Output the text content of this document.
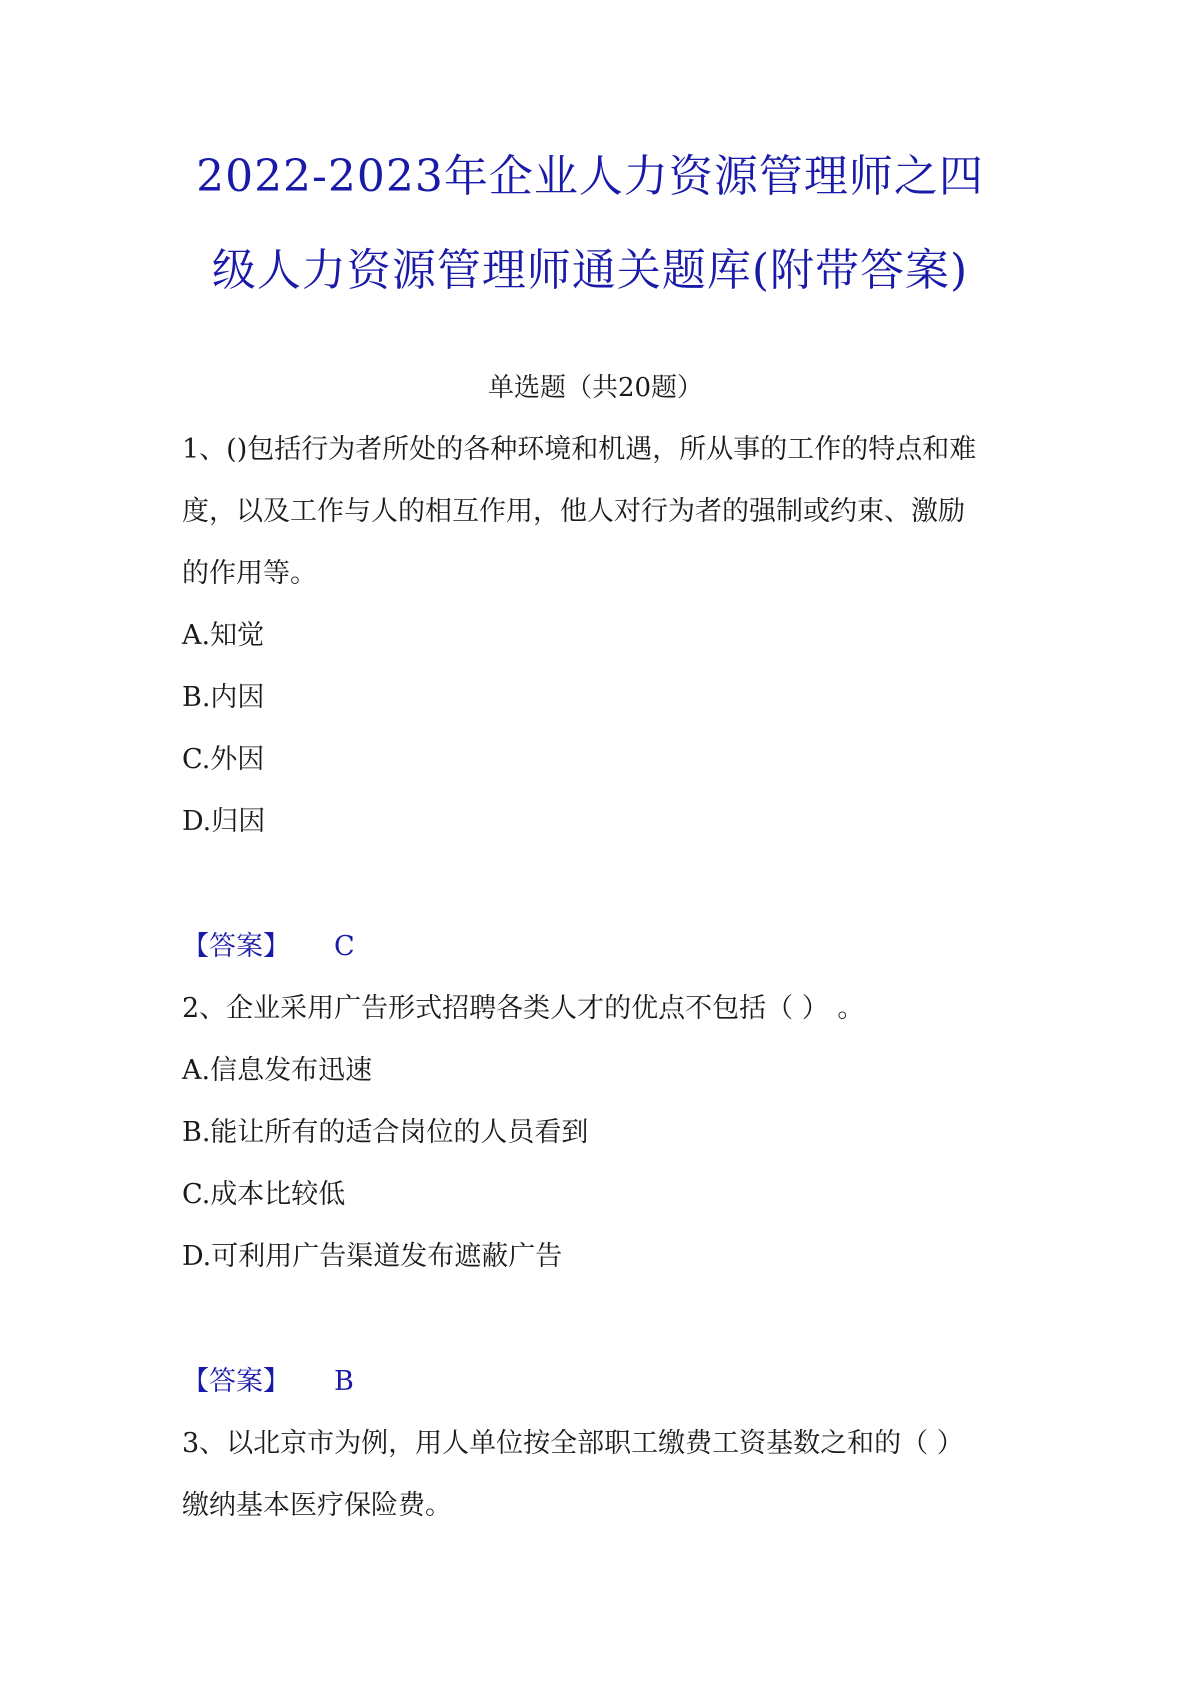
2022-2023年企业人力资源管理师之四
级人力资源管理师通关题库(附带答案)
单选题（共20题）
1、()包括行为者所处的各种环境和机遇，所从事的工作的特点和难
度，以及工作与人的相互作用，他人对行为者的强制或约束、激励
的作用等。
A.知觉
B.内因
C.外因
D.归因
【答案】 C
2、企业采用广告形式招聘各类人才的优点不包括（ ） 。
A.信息发布迅速
B.能让所有的适合岗位的人员看到
C.成本比较低
D.可利用广告渠道发布遮蔽广告
【答案】 B
3、以北京市为例，用人单位按全部职工缴费工资基数之和的（ ）
缴纳基本医疗保险费。
